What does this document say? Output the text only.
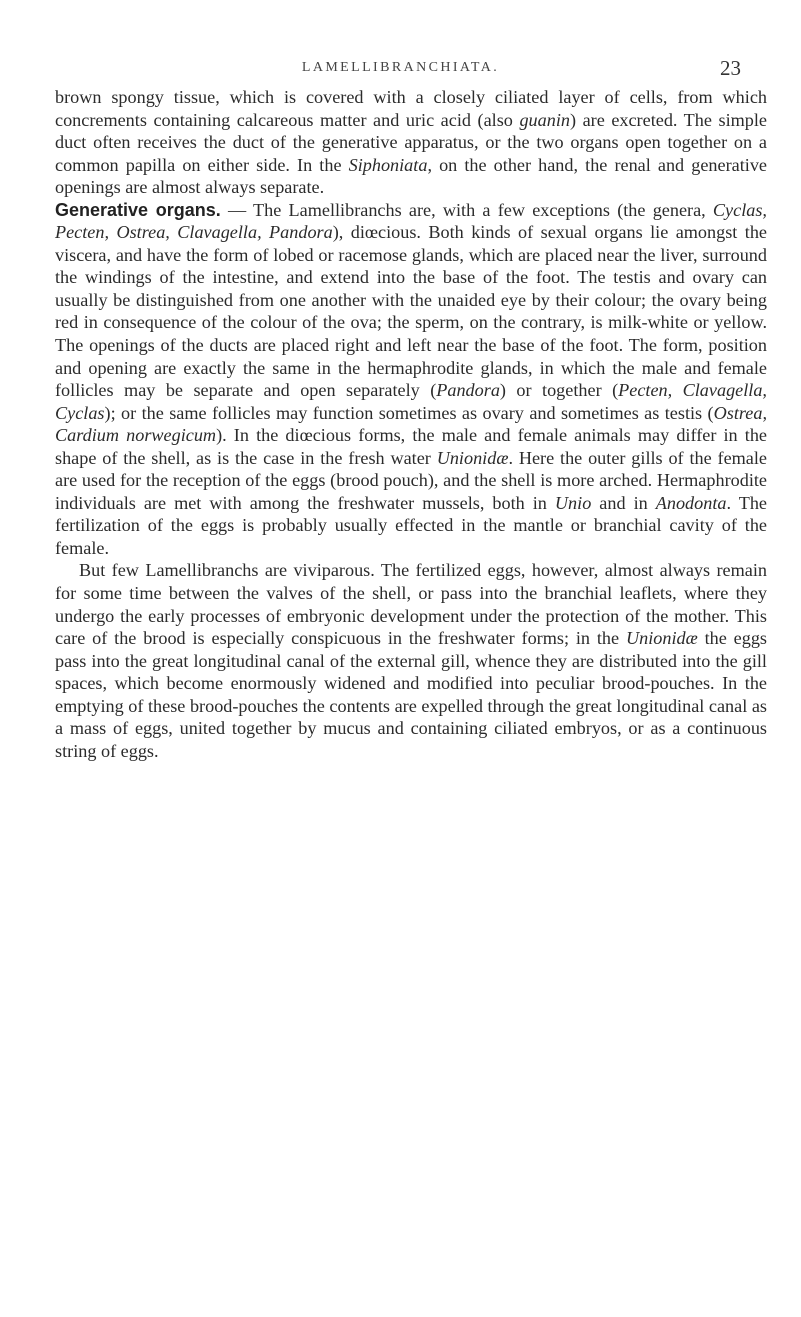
LAMELLIBRANCHIATA.	23

brown spongy tissue, which is covered with a closely ciliated layer of cells, from which concrements containing calcareous matter and uric acid (also guanin) are excreted. The simple duct often receives the duct of the generative apparatus, or the two organs open together on a common papilla on either side. In the Siphoniata, on the other hand, the renal and generative openings are almost always separate.

Generative organs. — The Lamellibranchs are, with a few exceptions (the genera, Cyclas, Pecten, Ostrea, Clavagella, Pandora), diœcious. Both kinds of sexual organs lie amongst the viscera, and have the form of lobed or racemose glands, which are placed near the liver, surround the windings of the intestine, and extend into the base of the foot. The testis and ovary can usually be distinguished from one another with the unaided eye by their colour; the ovary being red in consequence of the colour of the ova; the sperm, on the contrary, is milk-white or yellow. The openings of the ducts are placed right and left near the base of the foot. The form, position and opening are exactly the same in the hermaphrodite glands, in which the male and female follicles may be separate and open separately (Pandora) or together (Pecten, Clavagella, Cyclas); or the same follicles may function sometimes as ovary and sometimes as testis (Ostrea, Cardium norwegicum). In the diœcious forms, the male and female animals may differ in the shape of the shell, as is the case in the fresh water Unionidæ. Here the outer gills of the female are used for the reception of the eggs (brood pouch), and the shell is more arched. Hermaphrodite individuals are met with among the freshwater mussels, both in Unio and in Anodonta. The fertilization of the eggs is probably usually effected in the mantle or branchial cavity of the female.

But few Lamellibranchs are viviparous. The fertilized eggs, however, almost always remain for some time between the valves of the shell, or pass into the branchial leaflets, where they undergo the early processes of embryonic development under the protection of the mother. This care of the brood is especially conspicuous in the freshwater forms; in the Unionidæ the eggs pass into the great longitudinal canal of the external gill, whence they are distributed into the gill spaces, which become enormously widened and modified into peculiar brood-pouches. In the emptying of these brood-pouches the contents are expelled through the great longitudinal canal as a mass of eggs, united together by mucus and containing ciliated embryos, or as a continuous string of eggs.
